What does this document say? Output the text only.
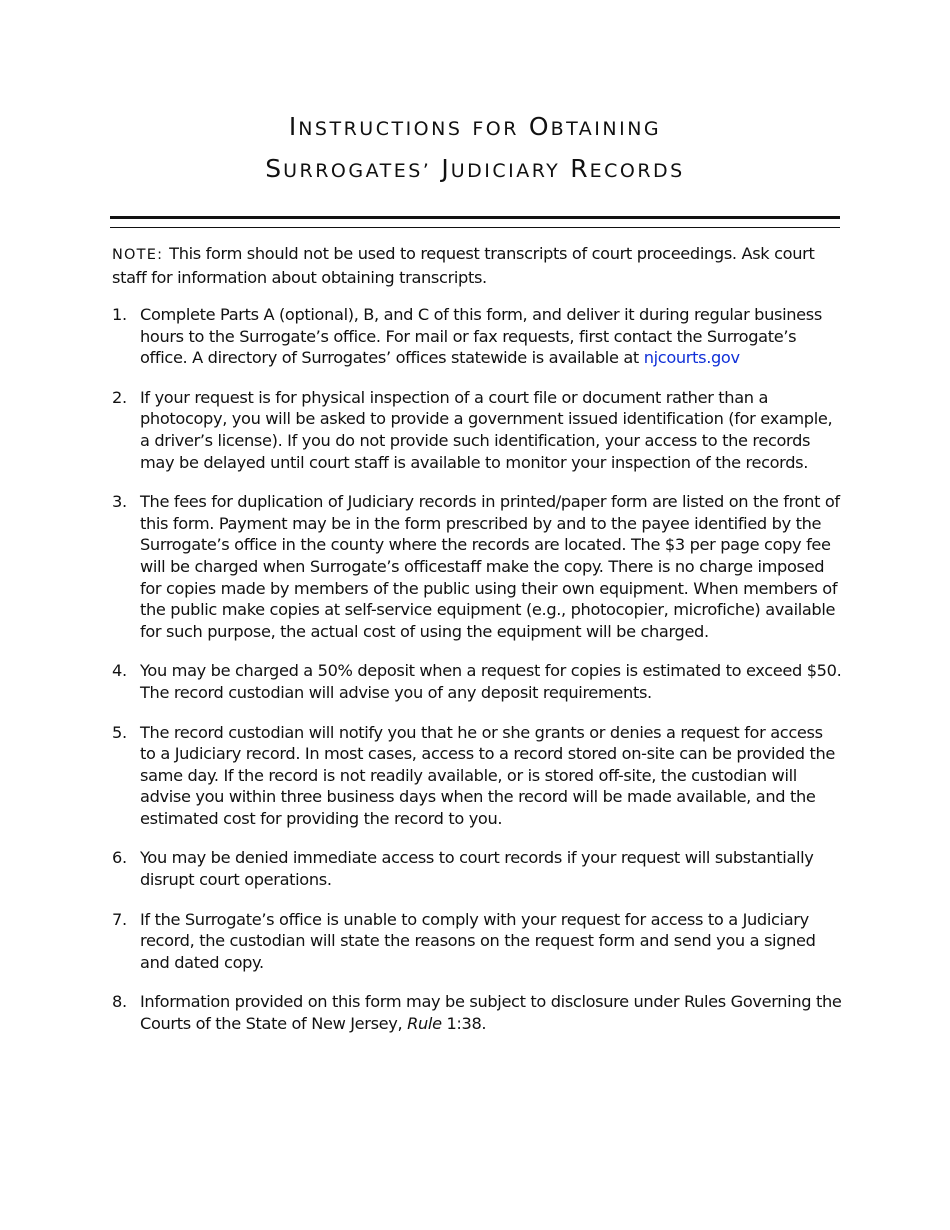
INSTRUCTIONS FOR OBTAINING
SURROGATES’ JUDICIARY RECORDS
NOTE: This form should not be used to request transcripts of court proceedings. Ask court staff for information about obtaining transcripts.
1. Complete Parts A (optional), B, and C of this form, and deliver it during regular business hours to the Surrogate’s office. For mail or fax requests, first contact the Surrogate’s office. A directory of Surrogates’ offices statewide is available at njcourts.gov
2. If your request is for physical inspection of a court file or document rather than a photocopy, you will be asked to provide a government issued identification (for example, a driver’s license). If you do not provide such identification, your access to the records may be delayed until court staff is available to monitor your inspection of the records.
3. The fees for duplication of Judiciary records in printed/paper form are listed on the front of this form. Payment may be in the form prescribed by and to the payee identified by the Surrogate’s office in the county where the records are located. The $3 per page copy fee will be charged when Surrogate’s officestaff make the copy. There is no charge imposed for copies made by members of the public using their own equipment. When members of the public make copies at self-service equipment (e.g., photocopier, microfiche) available for such purpose, the actual cost of using the equipment will be charged.
4. You may be charged a 50% deposit when a request for copies is estimated to exceed $50. The record custodian will advise you of any deposit requirements.
5. The record custodian will notify you that he or she grants or denies a request for access to a Judiciary record. In most cases, access to a record stored on-site can be provided the same day. If the record is not readily available, or is stored off-site, the custodian will advise you within three business days when the record will be made available, and the estimated cost for providing the record to you.
6. You may be denied immediate access to court records if your request will substantially disrupt court operations.
7. If the Surrogate’s office is unable to comply with your request for access to a Judiciary record, the custodian will state the reasons on the request form and send you a signed and dated copy.
8. Information provided on this form may be subject to disclosure under Rules Governing the Courts of the State of New Jersey, Rule 1:38.
